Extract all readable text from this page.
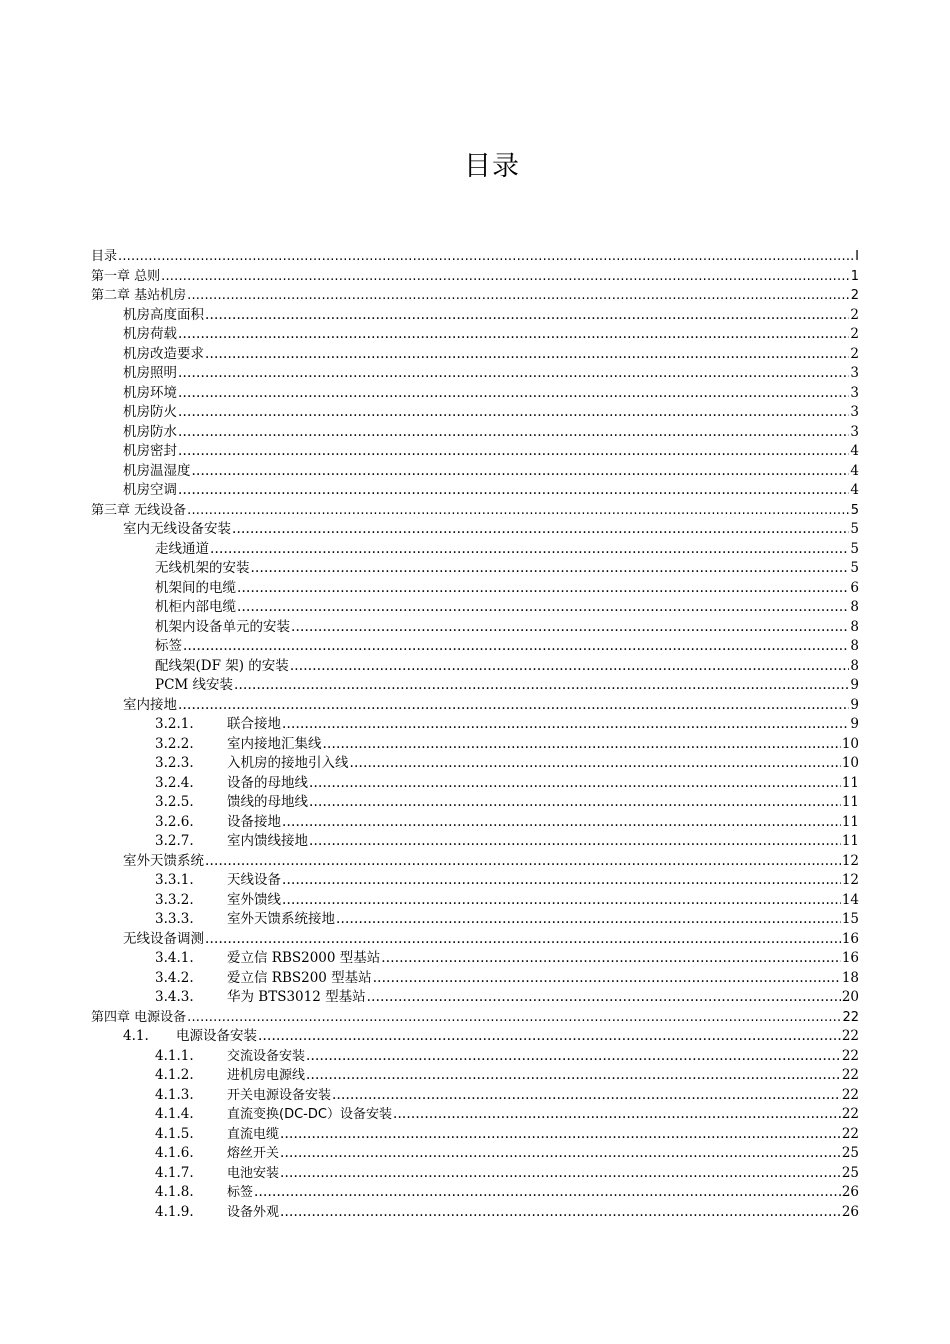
目录
目录 .....	I
第一章 总则 .....	1
第二章 基站机房 .....	2
机房高度面积 .....	2
机房荷载 .....	2
机房改造要求 .....	2
机房照明 .....	3
机房环境 .....	3
机房防火 .....	3
机房防水 .....	3
机房密封 .....	4
机房温湿度 .....	4
机房空调 .....	4
第三章 无线设备 .....	5
室内无线设备安装 .....	5
走线通道 .....	5
无线机架的安装 .....	5
机架间的电缆 .....	6
机柜内部电缆 .....	8
机架内设备单元的安装 .....	8
标签 .....	8
配线架(DF 架) 的安装 .....	8
PCM 线安装 .....	9
室内接地 .....	9
3.2.1.	联合接地 .....	9
3.2.2.	室内接地汇集线 .....	10
3.2.3.	入机房的接地引入线 .....	10
3.2.4.	设备的母地线 .....	11
3.2.5.	馈线的母地线 .....	11
3.2.6.	设备接地 .....	11
3.2.7.	室内馈线接地 .....	11
室外天馈系统 .....	12
3.3.1.	天线设备 .....	12
3.3.2.	室外馈线 .....	14
3.3.3.	室外天馈系统接地 .....	15
无线设备调测 .....	16
3.4.1.	爱立信 RBS2000 型基站 .....	16
3.4.2.	爱立信 RBS200 型基站 .....	18
3.4.3.	华为 BTS3012 型基站 .....	20
第四章 电源设备 .....	22
4.1.	电源设备安装 .....	22
4.1.1.	交流设备安装 .....	22
4.1.2.	进机房电源线 .....	22
4.1.3.	开关电源设备安装 .....	22
4.1.4.	直流变换(DC-DC）设备安装 .....	22
4.1.5.	直流电缆 .....	22
4.1.6.	熔丝开关 .....	25
4.1.7.	电池安装 .....	25
4.1.8.	标签 .....	26
4.1.9.	设备外观 .....	26
